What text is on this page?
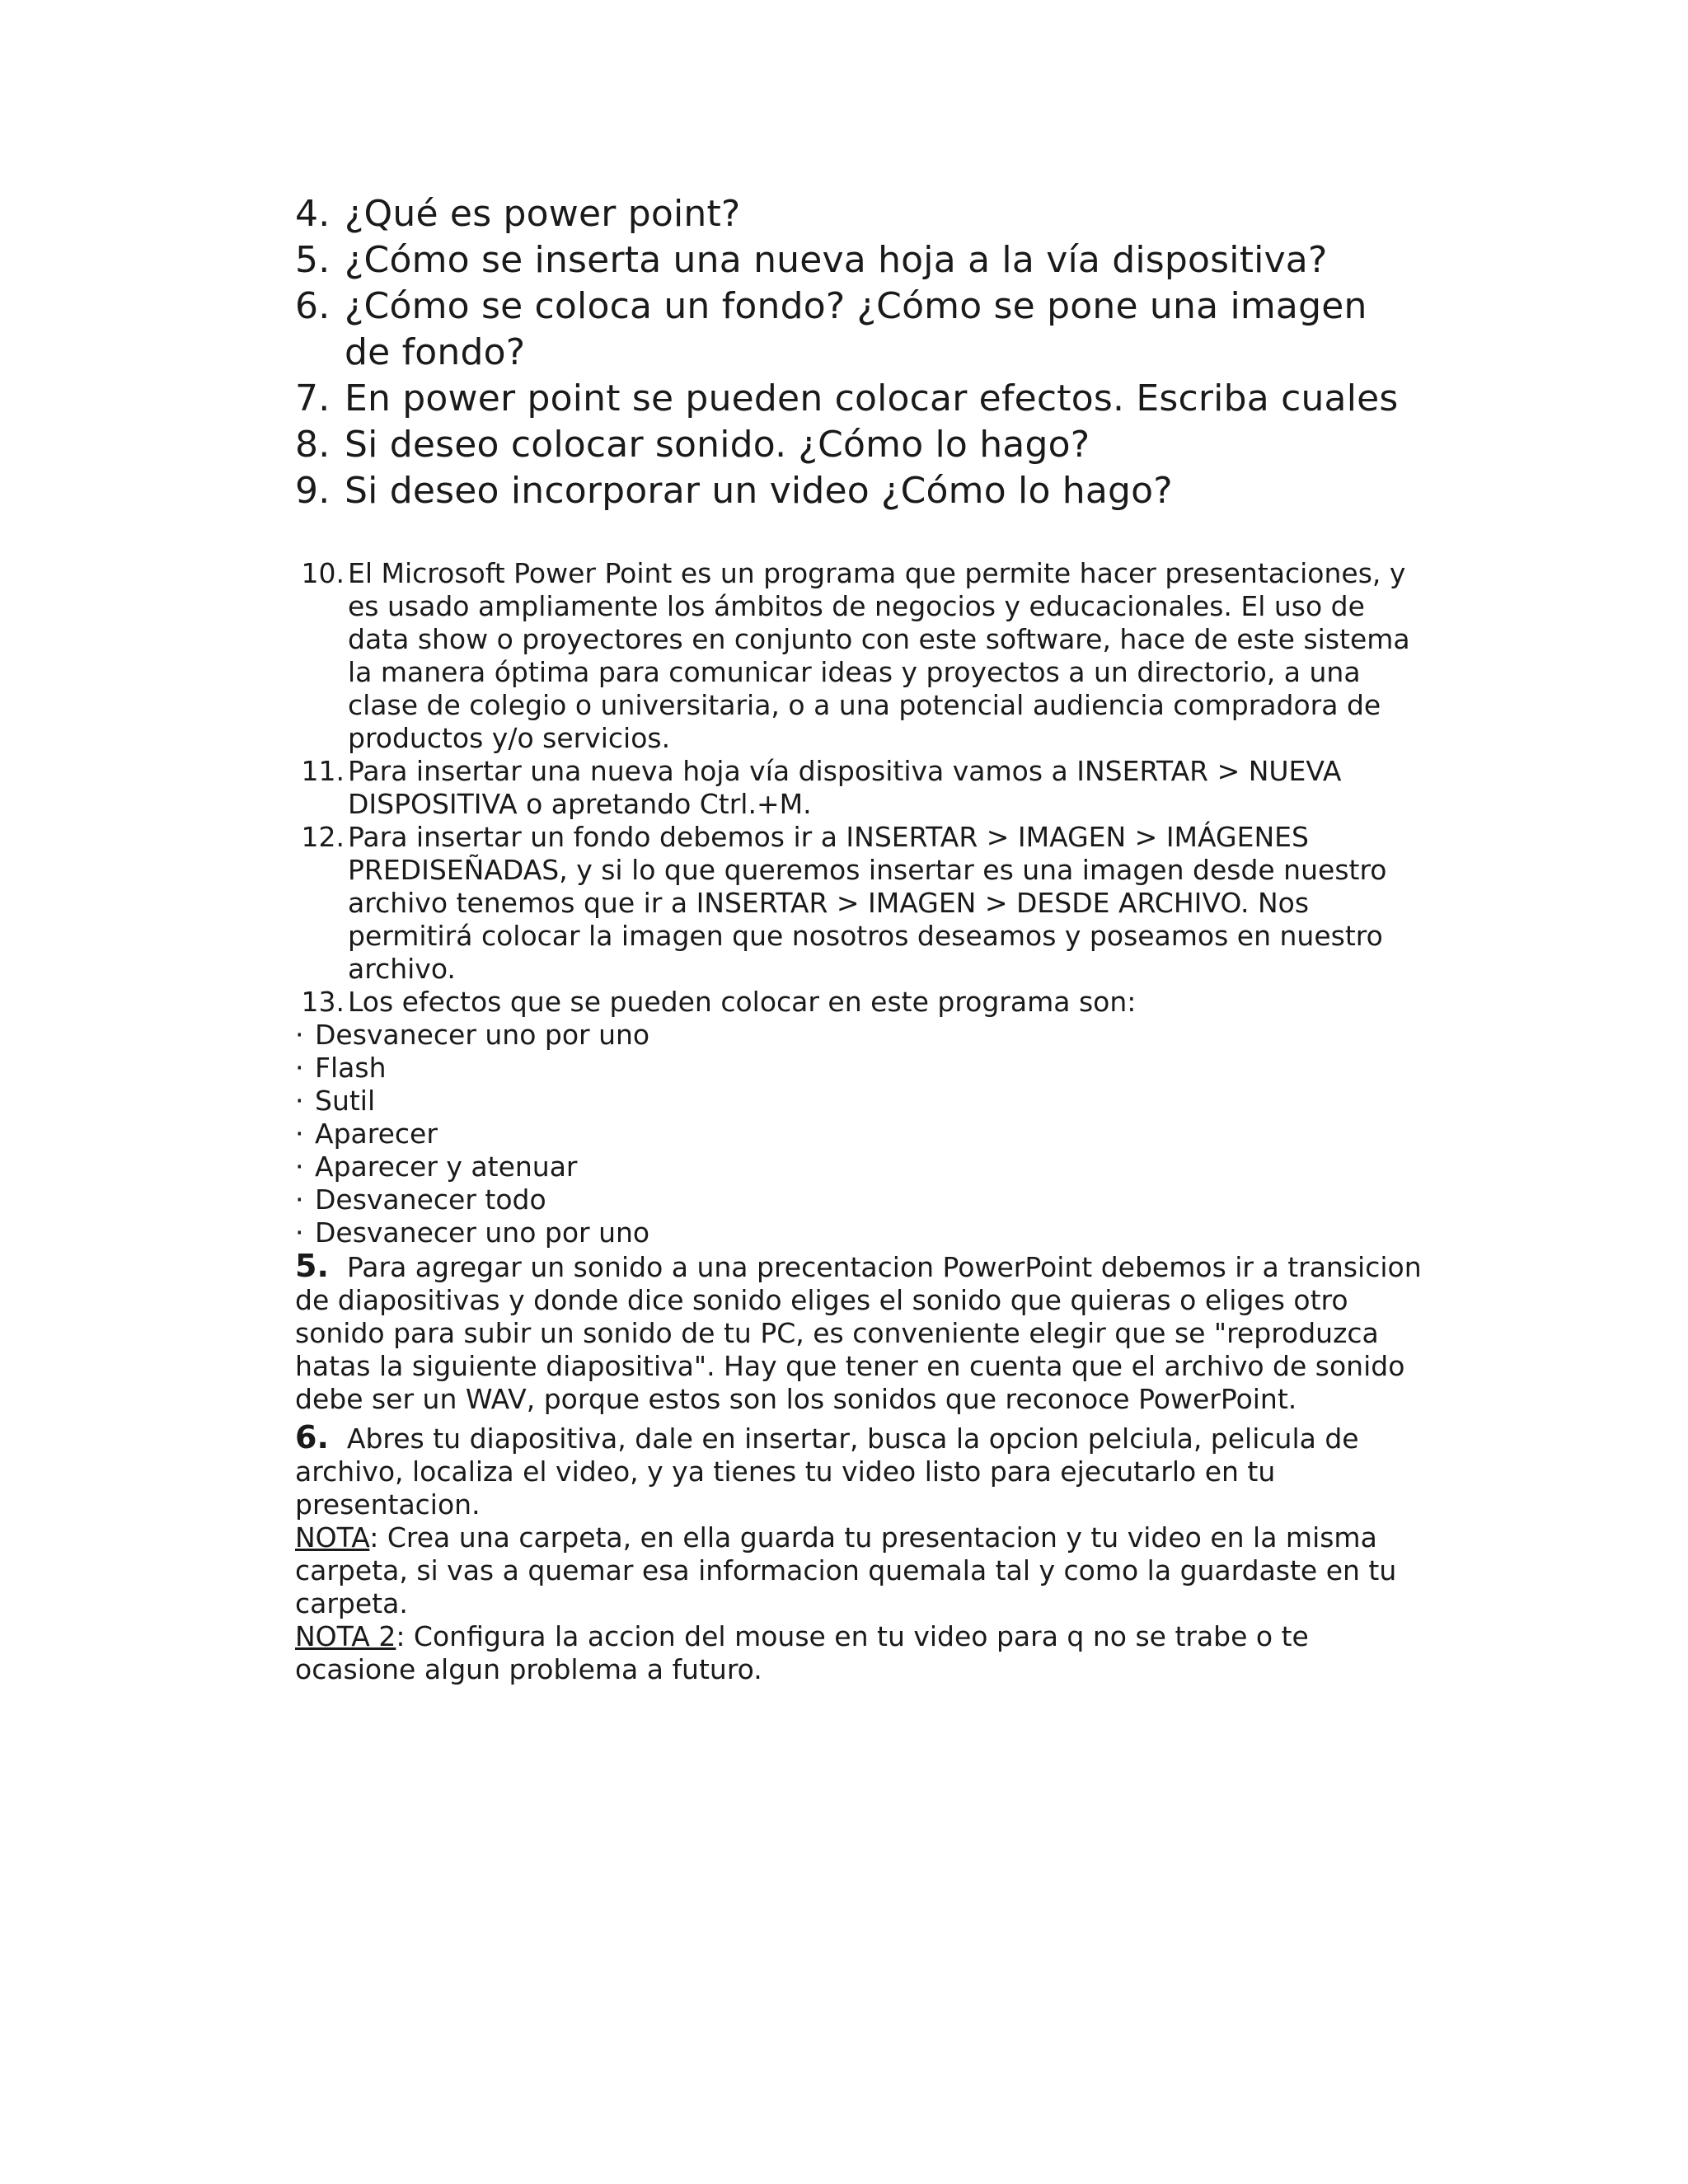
4. ¿Qué es power point?
5. ¿Cómo se inserta una nueva hoja a la vía dispositiva?
6. ¿Cómo se coloca un fondo? ¿Cómo se pone una imagen de fondo?
7. En power point se pueden colocar efectos. Escriba cuales
8. Si deseo colocar sonido. ¿Cómo lo hago?
9. Si deseo incorporar un video ¿Cómo lo hago?
10. El Microsoft Power Point es un programa que permite hacer presentaciones, y es usado ampliamente los ámbitos de negocios y educacionales. El uso de data show o proyectores en conjunto con este software, hace de este sistema la manera óptima para comunicar ideas y proyectos a un directorio, a una clase de colegio o universitaria, o a una potencial audiencia compradora de productos y/o servicios.
11. Para insertar una nueva hoja vía dispositiva vamos a INSERTAR > NUEVA DISPOSITIVA o apretando Ctrl.+M.
12. Para insertar un fondo debemos ir a INSERTAR > IMAGEN > IMÁGENES PREDISEÑADAS, y si lo que queremos insertar es una imagen desde nuestro archivo tenemos que ir a INSERTAR > IMAGEN > DESDE ARCHIVO. Nos permitirá colocar la imagen que nosotros deseamos y poseamos en nuestro archivo.
13. Los efectos que se pueden colocar en este programa son:
· Desvanecer uno por uno
· Flash
· Sutil
· Aparecer
· Aparecer y atenuar
· Desvanecer todo
· Desvanecer uno por uno

5. Para agregar un sonido a una precentacion PowerPoint debemos ir a transicion de diapositivas y donde dice sonido eliges el sonido que quieras o eliges otro sonido para subir un sonido de tu PC, es conveniente elegir que se "reproduzca hatas la siguiente diapositiva". Hay que tener en cuenta que el archivo de sonido debe ser un WAV, porque estos son los sonidos que reconoce PowerPoint.

6. Abres tu diapositiva, dale en insertar, busca la opcion pelciula, pelicula de archivo, localiza el video, y ya tienes tu video listo para ejecutarlo en tu presentacion.

NOTA: Crea una carpeta, en ella guarda tu presentacion y tu video en la misma carpeta, si vas a quemar esa informacion quemala tal y como la guardaste en tu carpeta.

NOTA 2: Configura la accion del mouse en tu video para q no se trabe o te ocasione algun problema a futuro.
